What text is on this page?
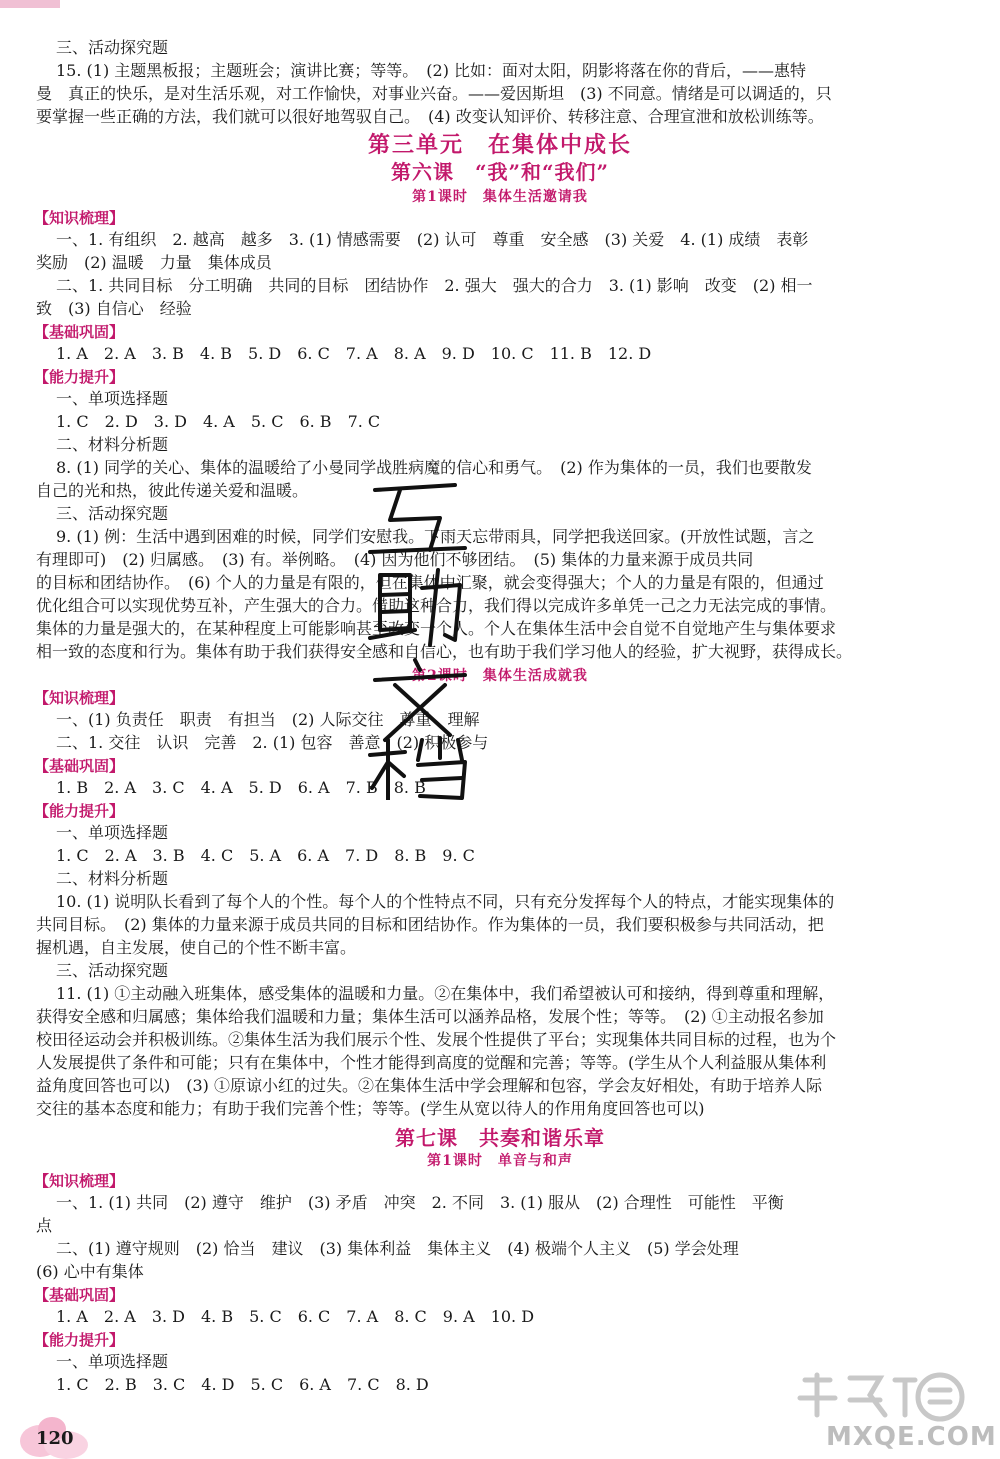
三、活动探究题
15. (1) 主题黑板报；主题班会；演讲比赛；等等。　(2) 比如：面对太阳，阴影将落在你的背后，——惠特
曼　真正的快乐，是对生活乐观，对工作愉快，对事业兴奋。——爱因斯坦　(3) 不同意。情绪是可以调适的，只
要掌握一些正确的方法，我们就可以很好地驾驭自己。　(4) 改变认知评价、转移注意、合理宣泄和放松训练等。
第三单元　在集体中成长
第六课　“我”和“我们”
第1课时　集体生活邀请我
【知识梳理】
一、1. 有组织　2. 越高　越多　3. (1) 情感需要　(2) 认可　尊重　安全感　(3) 关爱　4. (1) 成绩　表彰
奖励　(2) 温暖　力量　集体成员
二、1. 共同目标　分工明确　共同的目标　团结协作　2. 强大　强大的合力　3. (1) 影响　改变　(2) 相一
致　(3) 自信心　经验
【基础巩固】
1. A　2. A　3. B　4. B　5. D　6. C　7. A　8. A　9. D　10. C　11. B　12. D
【能力提升】
一、单项选择题
1. C　2. D　3. D　4. A　5. C　6. B　7. C
二、材料分析题
8. (1) 同学的关心、集体的温暖给了小曼同学战胜病魔的信心和勇气。　(2) 作为集体的一员，我们也要散发
自己的光和热，彼此传递关爱和温暖。
三、活动探究题
9. (1) 例：生活中遇到困难的时候，同学们安慰我。下雨天忘带雨具，同学把我送回家。(开放性试题，言之
有理即可)　(2) 归属感。　(3) 有。举例略。　(4) 因为他们不够团结。　(5) 集体的力量来源于成员共同
的目标和团结协作。　(6) 个人的力量是有限的，但在集体中汇聚，就会变得强大；个人的力量是有限的，但通过
优化组合可以实现优势互补，产生强大的合力。借助这种合力，我们得以完成许多单凭一己之力无法完成的事情。
集体的力量是强大的，在某种程度上可能影响甚至改变一个人。个人在集体生活中会自觉不自觉地产生与集体要求
相一致的态度和行为。集体有助于我们获得安全感和自信心，也有助于我们学习他人的经验，扩大视野，获得成长。
第2课时　集体生活成就我
【知识梳理】
一、(1) 负责任　职责　有担当　(2) 人际交往　尊重　理解
二、1. 交往　认识　完善　2. (1) 包容　善意　(2) 积极参与
【基础巩固】
1. B　2. A　3. C　4. A　5. D　6. A　7. B　8. B
【能力提升】
一、单项选择题
1. C　2. A　3. B　4. C　5. A　6. A　7. D　8. B　9. C
二、材料分析题
10. (1) 说明队长看到了每个人的个性。每个人的个性特点不同，只有充分发挥每个人的特点，才能实现集体的
共同目标。　(2) 集体的力量来源于成员共同的目标和团结协作。作为集体的一员，我们要积极参与共同活动，把
握机遇，自主发展，使自己的个性不断丰富。
三、活动探究题
11. (1) ①主动融入班集体，感受集体的温暖和力量。②在集体中，我们希望被认可和接纳，得到尊重和理解，
获得安全感和归属感；集体给我们温暖和力量；集体生活可以涵养品格，发展个性；等等。　(2) ①主动报名参加
校田径运动会并积极训练。②集体生活为我们展示个性、发展个性提供了平台；实现集体共同目标的过程，也为个
人发展提供了条件和可能；只有在集体中，个性才能得到高度的觉醒和完善；等等。(学生从个人利益服从集体利
益角度回答也可以)　(3) ①原谅小红的过失。②在集体生活中学会理解和包容，学会友好相处，有助于培养人际
交往的基本态度和能力；有助于我们完善个性；等等。(学生从宽以待人的作用角度回答也可以)
第七课　共奏和谐乐章
第1课时　单音与和声
【知识梳理】
一、1. (1) 共同　(2) 遵守　维护　(3) 矛盾　冲突　2. 不同　3. (1) 服从　(2) 合理性　可能性　平衡
点
二、(1) 遵守规则　(2) 恰当　建议　(3) 集体利益　集体主义　(4) 极端个人主义　(5) 学会处理
(6) 心中有集体
【基础巩固】
1. A　2. A　3. D　4. B　5. C　6. C　7. A　8. C　9. A　10. D
【能力提升】
一、单项选择题
1. C　2. B　3. C　4. D　5. C　6. A　7. C　8. D
120	MXQE.COM
